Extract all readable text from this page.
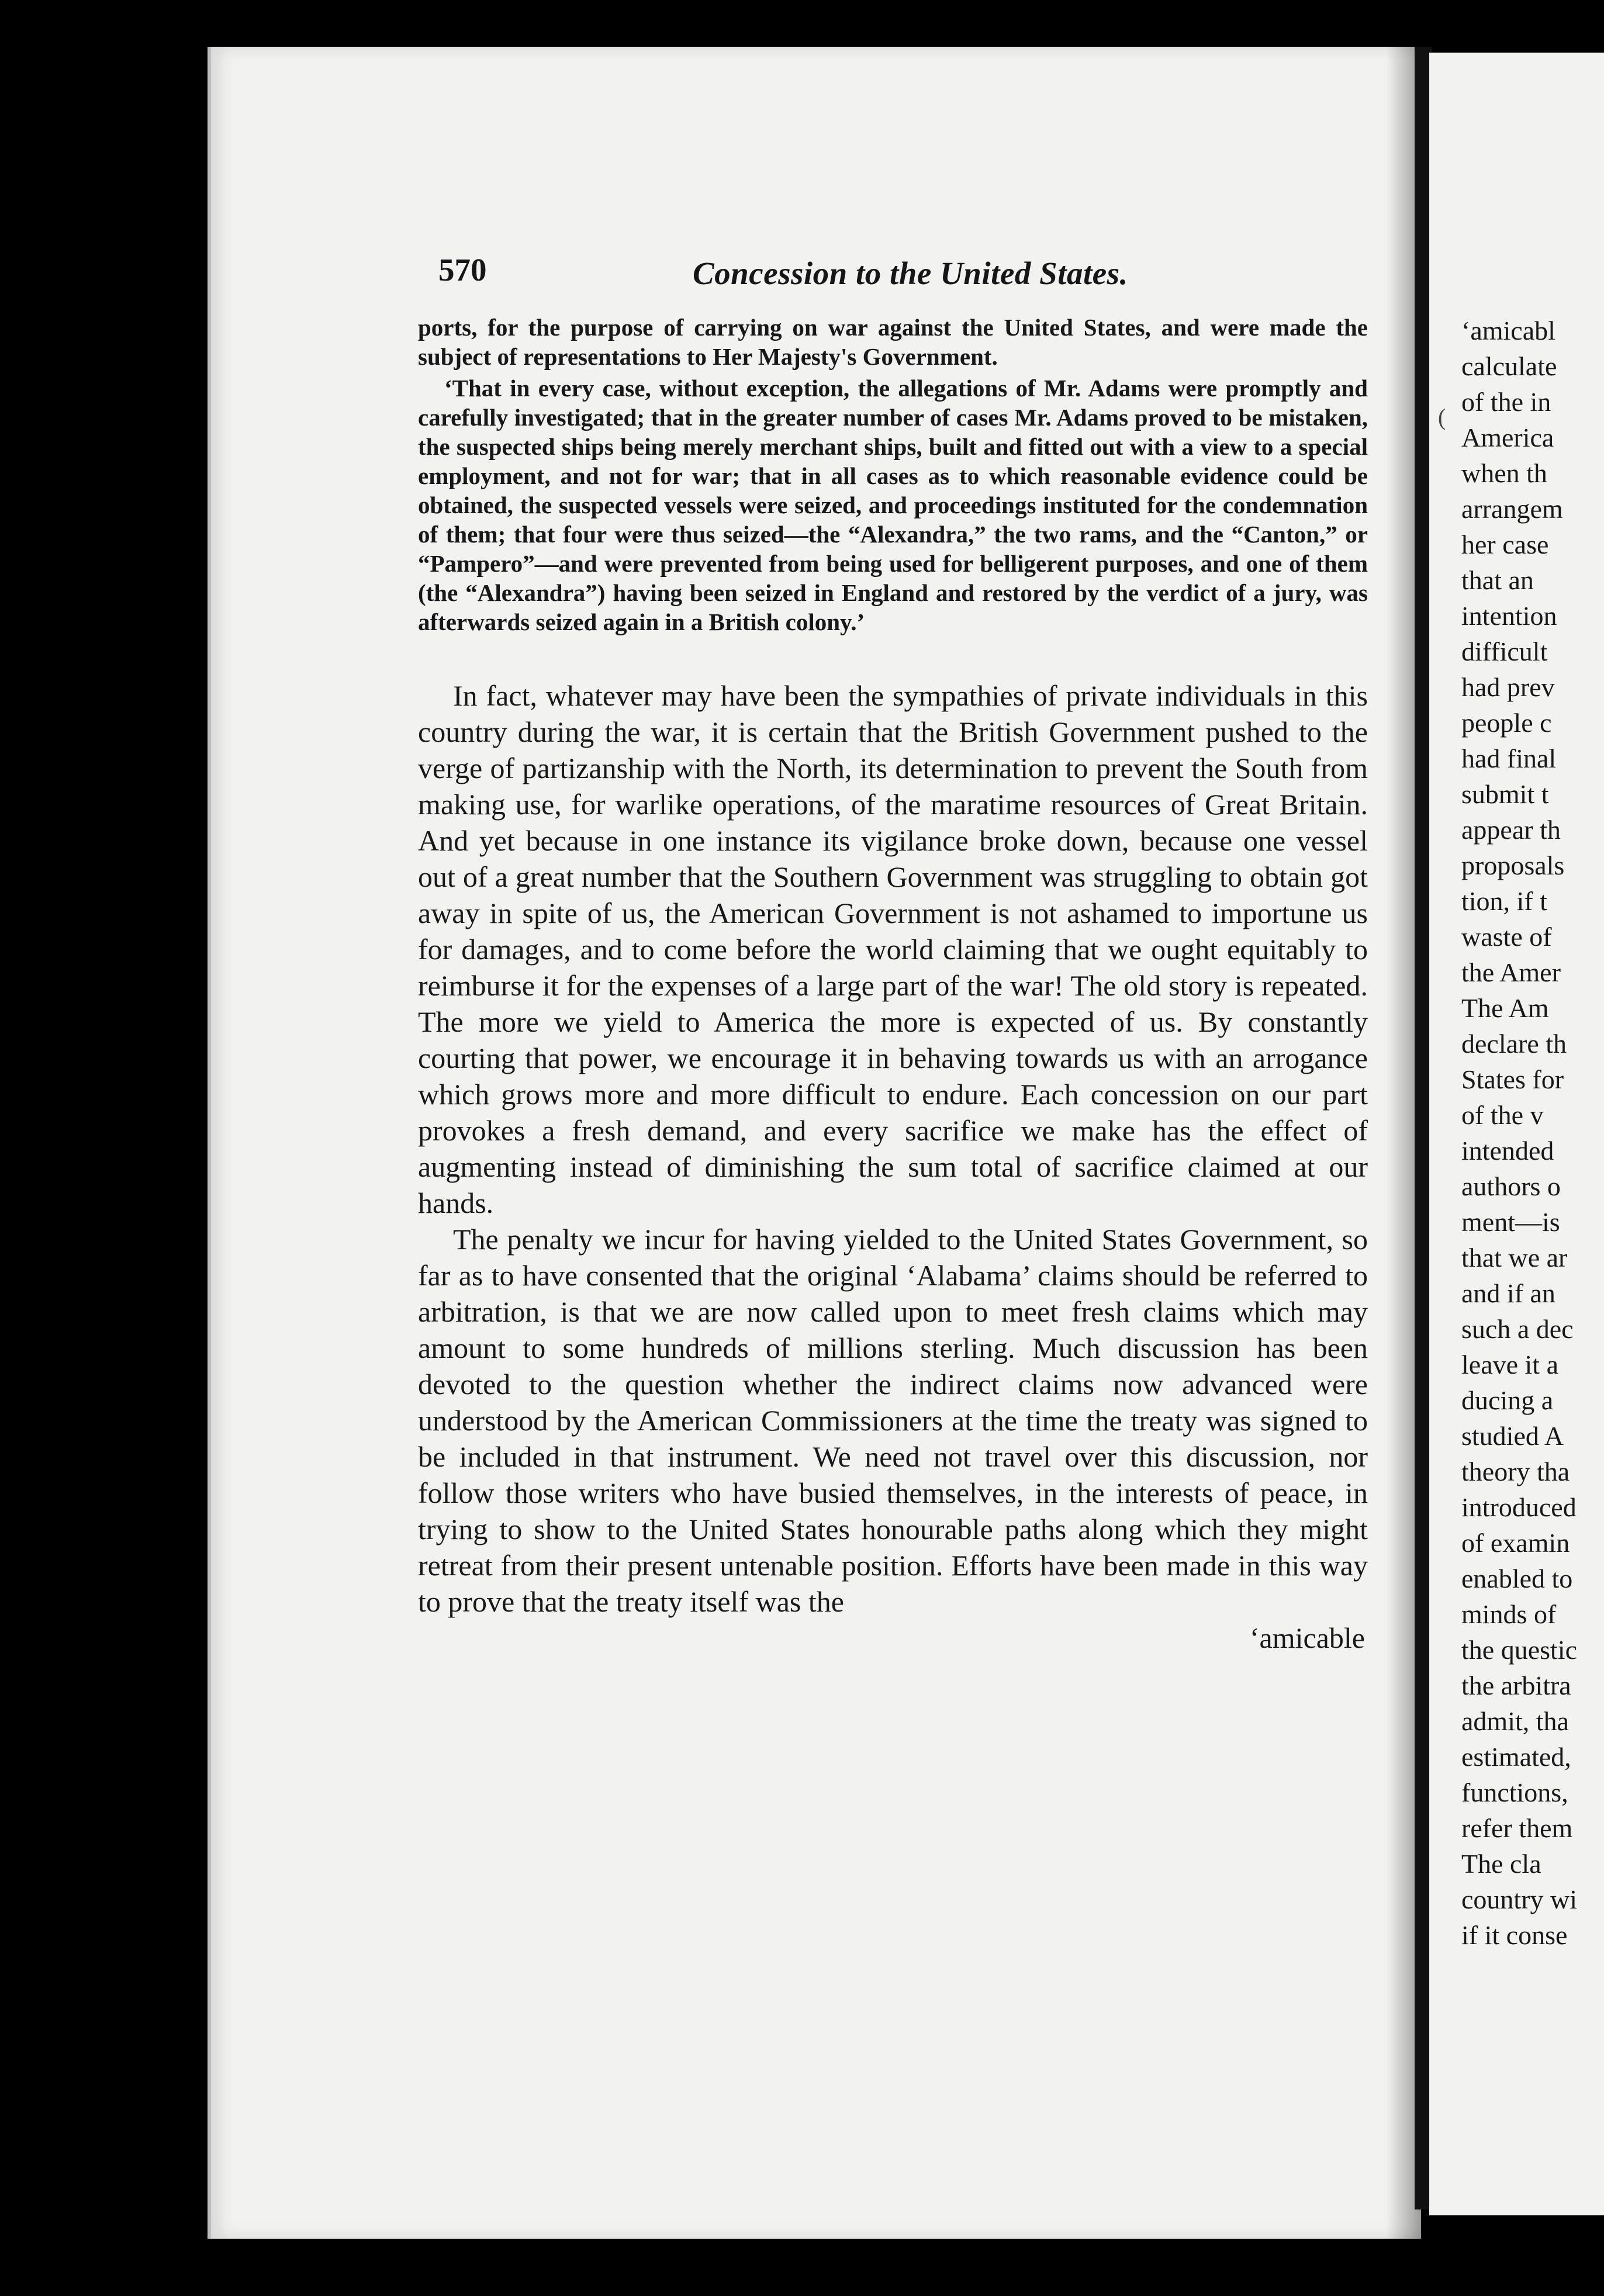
(
570	Concession to the United States.

ports, for the purpose of carrying on war against the United States, and were made the subject of representations to Her Majesty's Government.

‘That in every case, without exception, the allegations of Mr. Adams were promptly and carefully investigated; that in the greater number of cases Mr. Adams proved to be mistaken, the suspected ships being merely merchant ships, built and fitted out with a view to a special employment, and not for war; that in all cases as to which reasonable evidence could be obtained, the suspected vessels were seized, and proceedings instituted for the condemnation of them; that four were thus seized—the “Alexandra,” the two rams, and the “Canton,” or “Pampero”—and were prevented from being used for belligerent purposes, and one of them (the “Alexandra”) having been seized in England and restored by the verdict of a jury, was afterwards seized again in a British colony.’

In fact, whatever may have been the sympathies of private individuals in this country during the war, it is certain that the British Government pushed to the verge of partizanship with the North, its determination to prevent the South from making use, for warlike operations, of the maratime resources of Great Britain. And yet because in one instance its vigilance broke down, because one vessel out of a great number that the Southern Government was struggling to obtain got away in spite of us, the American Government is not ashamed to importune us for damages, and to come before the world claiming that we ought equitably to reimburse it for the expenses of a large part of the war! The old story is repeated. The more we yield to America the more is expected of us. By constantly courting that power, we encourage it in behaving towards us with an arrogance which grows more and more difficult to endure. Each concession on our part provokes a fresh demand, and every sacrifice we make has the effect of augmenting instead of diminishing the sum total of sacrifice claimed at our hands.

The penalty we incur for having yielded to the United States Government, so far as to have consented that the original ‘Alabama’ claims should be referred to arbitration, is that we are now called upon to meet fresh claims which may amount to some hundreds of millions sterling. Much discussion has been devoted to the question whether the indirect claims now advanced were understood by the American Commissioners at the time the treaty was signed to be included in that instrument. We need not travel over this discussion, nor follow those writers who have busied themselves, in the interests of peace, in trying to show to the United States honourable paths along which they might retreat from their present untenable position. Efforts have been made in this way to prove that the treaty itself was the

‘amicable

‘amicabl
calculate
of the in
America
when th
arrangem
her case
that an
intention
difficult
had prev
people c
had final
submit t
appear th
proposals
tion, if t
waste of
the Amer
The Am
declare th
States for
of the v
intended
authors o
ment—is
that we ar
and if an
such a dec
leave it a
ducing a
studied A
theory tha
introduced
of examin
enabled to
minds of
the questic
the arbitra
admit, tha
estimated,
functions,
refer them
The cla
country wi
if it conse
